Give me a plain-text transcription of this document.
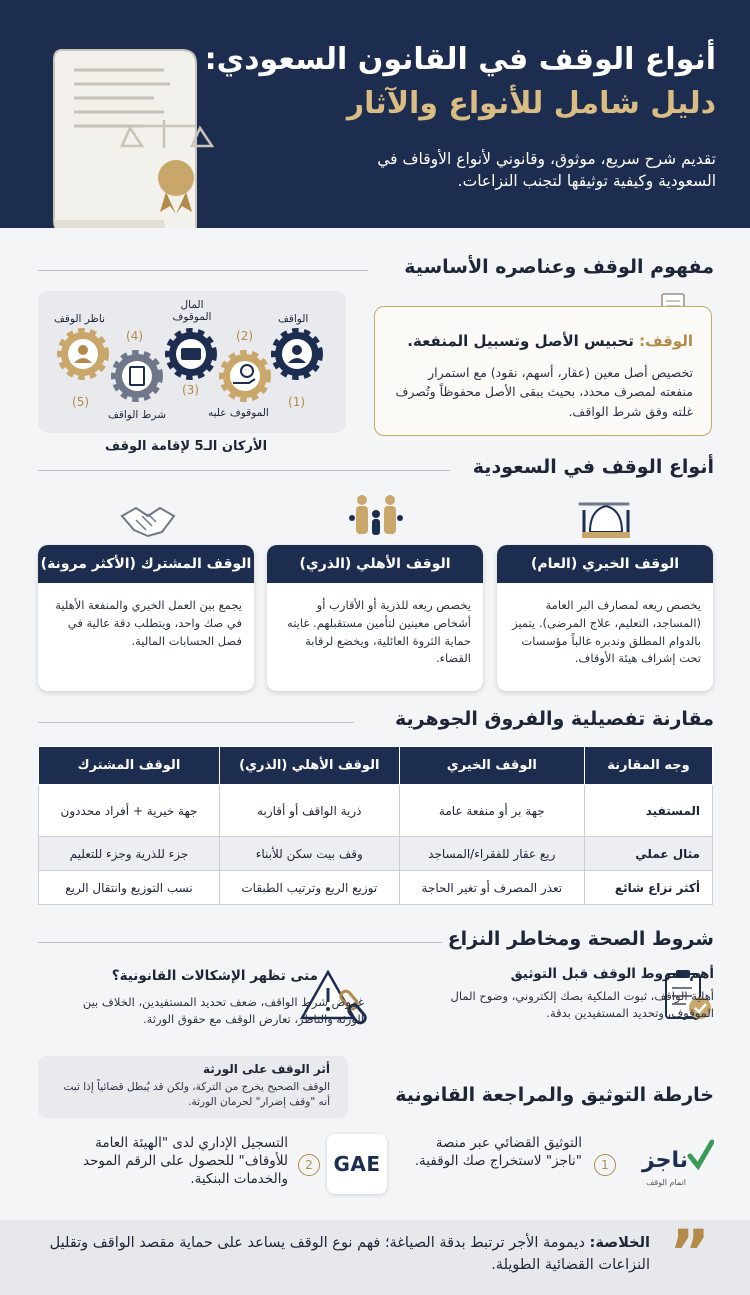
أنواع الوقف في القانون السعودي:
دليل شامل للأنواع والآثار

تقديم شرح سريع، موثوق، وقانوني لأنواع الأوقاف في السعودية وكيفية توثيقها لتجنب النزاعات.

مفهوم الوقف وعناصره الأساسية
الواقف
(1)
(2)
الموقوف عليه
المال الموقوف
(3)
(4)
شرط الواقف
ناظر الوقف
(5)
الأركان الـ5 لإقامة الوقف
الوقف: تحبيس الأصل وتسبيل المنفعة.
تخصيص أصل معين (عقار، أسهم، نقود) مع استمرار منفعته لمصرف محدد، بحيث يبقى الأصل محفوظاً وتُصرف غلته وفق شرط الواقف.
أنواع الوقف في السعودية
الوقف الخيري (العام)
يخصص ريعه لمصارف البر العامة (المساجد، التعليم، علاج المرضى). يتميز بالدوام المطلق وندبره غالباً مؤسسات تحت إشراف هيئة الأوقاف.
الوقف الأهلي (الذري)
يخصص ريعه للذرية أو الأقارب أو أشخاص معينين لتأمين مستقبلهم. غايته حماية الثروة العائلية، ويخضع لرقابة القضاء.
الوقف المشترك (الأكثر مرونة)
يجمع بين العمل الخيري والمنفعة الأهلية في صك واحد، ويتطلب دقة عالية في فصل الحسابات المالية.
مقارنة تفصيلية والفروق الجوهرية
وجه المقارنة	الوقف الخيري	الوقف الأهلي (الذري)	الوقف المشترك
المستفيد	جهة بر أو منفعة عامة	ذرية الواقف أو أقاربه	جهة خيرية + أفراد محددون
مثال عملي	ريع عقار للفقراء/المساجد	وقف بيت سكن للأبناء	جزء للذرية وجزء للتعليم
أكثر نزاع شائع	تعذر المصرف أو تغير الحاجة	توزيع الريع وترتيب الطبقات	نسب التوزيع وانتقال الريع
شروط الصحة ومخاطر النزاع
أهم شروط الوقف قبل التوثيق
أهلية الواقف، ثبوت الملكية بصك إلكتروني، وضوح المال الموقوف، وتحديد المستفيدين بدقة.
متى تظهر الإشكالات القانونية؟
غموض شرط الواقف، ضعف تحديد المستفيدين، الخلاف بين الورثة والناظر، تعارض الوقف مع حقوق الورثة.
أثر الوقف على الورثة
الوقف الصحيح يخرج من التركة، ولكن قد يُبطل قضائياً إذا ثبت أنه "وقف إضرار" لحرمان الورثة.	خارطة التوثيق والمراجعة القانونية
ناجز
اتمام الوقف
1
التوثيق القضائي عبر منصة "ناجز" لاستخراج صك الوقفية.
GAE
2
التسجيل الإداري لدى "الهيئة العامة للأوقاف" للحصول على الرقم الموحد والخدمات البنكية.
”
الخلاصة: ديمومة الأجر ترتبط بدقة الصياغة؛ فهم نوع الوقف يساعد على حماية مقصد الواقف وتقليل النزاعات القضائية الطويلة.
